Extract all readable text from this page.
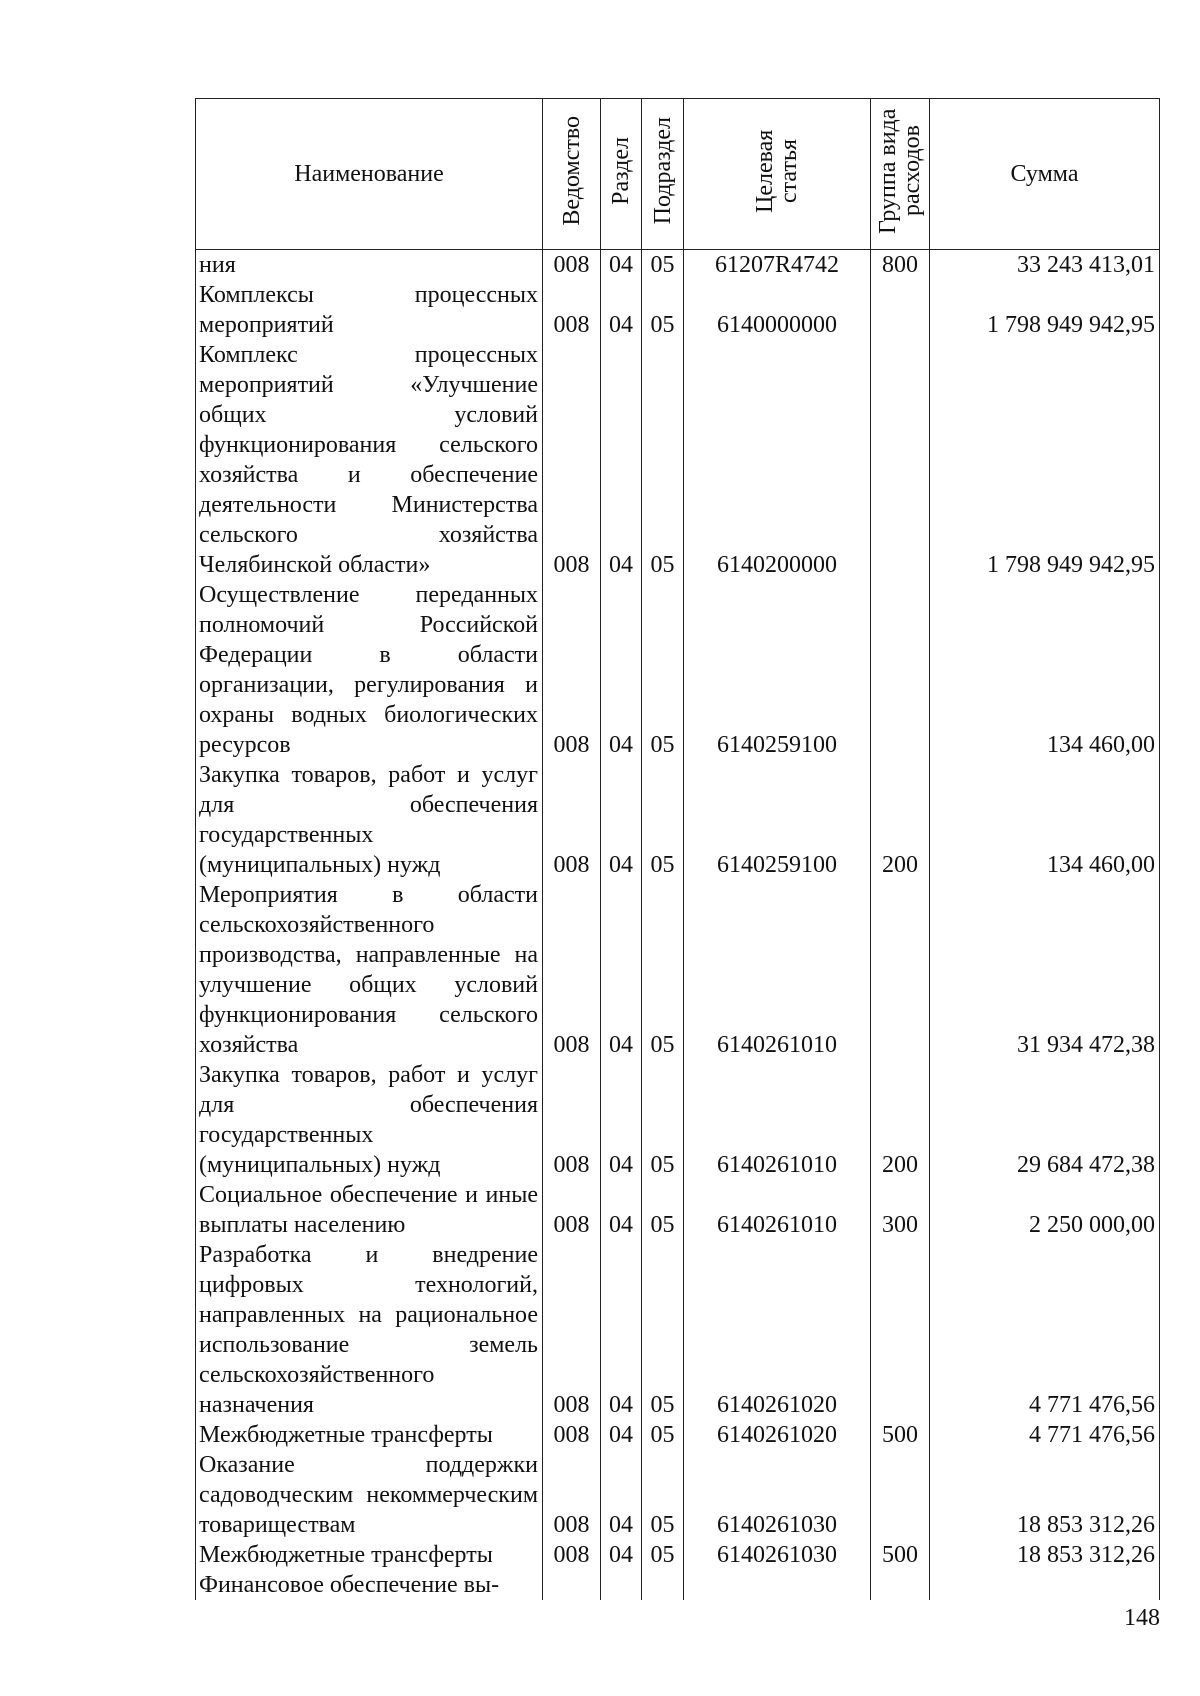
Наименование	Ведомство	Раздел	Подраздел	Целевая статья	Группа вида расходов	Сумма
ния	008	04	05	61207R4742	800	33 243 413,01
Комплексы процессных мероприятий	008	04	05	6140000000		1 798 949 942,95
Комплекс процессных мероприятий «Улучшение общих условий функционирования сельского хозяйства и обеспечение деятельности Министерства сельского хозяйства Челябинской области»	008	04	05	6140200000		1 798 949 942,95
Осуществление переданных полномочий Российской Федерации в области организации, регулирования и охраны водных биологических ресурсов	008	04	05	6140259100		134 460,00
Закупка товаров, работ и услуг для обеспечения государственных (муниципальных) нужд	008	04	05	6140259100	200	134 460,00
Мероприятия в области сельскохозяйственного производства, направленные на улучшение общих условий функционирования сельского хозяйства	008	04	05	6140261010		31 934 472,38
Закупка товаров, работ и услуг для обеспечения государственных (муниципальных) нужд	008	04	05	6140261010	200	29 684 472,38
Социальное обеспечение и иные выплаты населению	008	04	05	6140261010	300	2 250 000,00
Разработка и внедрение цифровых технологий, направленных на рациональное использование земель сельскохозяйственного назначения	008	04	05	6140261020		4 771 476,56
Межбюджетные трансферты	008	04	05	6140261020	500	4 771 476,56
Оказание поддержки садоводческим некоммерческим товариществам	008	04	05	6140261030		18 853 312,26
Межбюджетные трансферты	008	04	05	6140261030	500	18 853 312,26
Финансовое обеспечение вы-						
148
